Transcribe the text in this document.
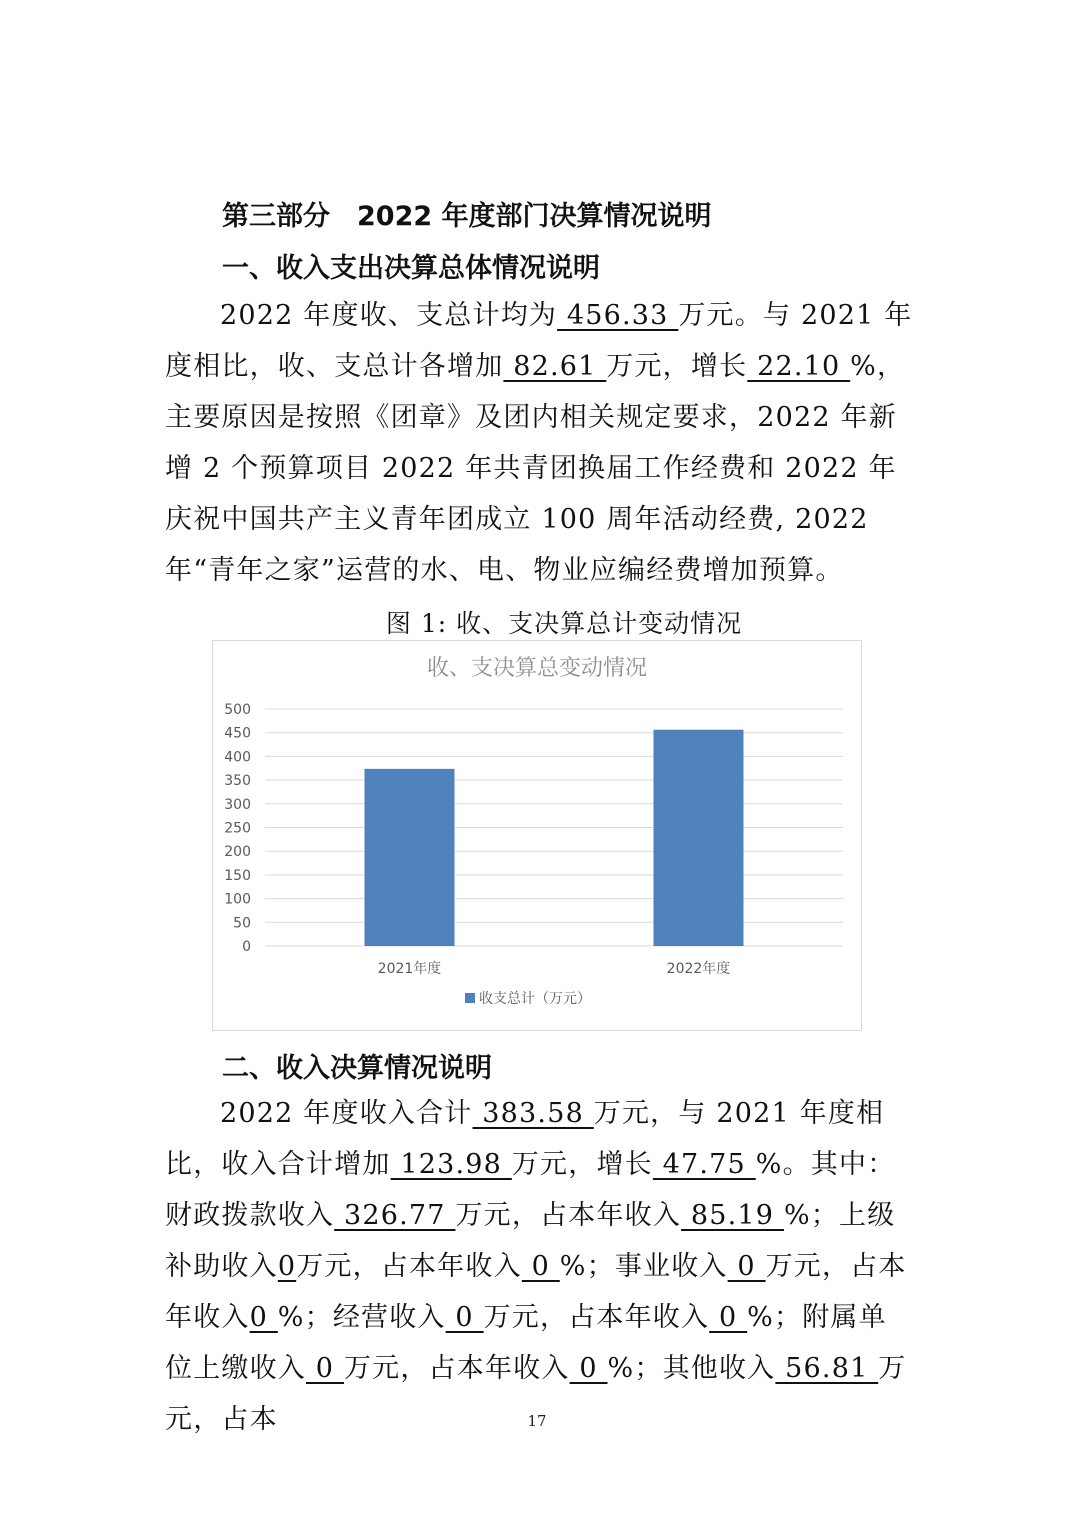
第三部分　2022 年度部门决算情况说明
一、收入支出决算总体情况说明

2022 年度收、支总计均为 456.33 万元。与 2021 年度相比，收、支总计各增加 82.61 万元，增长 22.10 %，主要原因是按照《团章》及团内相关规定要求，2022 年新增 2 个预算项目 2022 年共青团换届工作经费和 2022 年庆祝中国共产主义青年团成立 100 周年活动经费, 2022 年“青年之家”运营的水、电、物业应编经费增加预算。

图 1: 收、支决算总计变动情况
收、支决算总变动情况
0
50
100
150
200
250
300
350
400
450
500
2021年度	2022年度
收支总计（万元）
二、收入决算情况说明

2022 年度收入合计 383.58 万元，与 2021 年度相比，收入合计增加 123.98 万元，增长 47.75 %。其中：财政拨款收入 326.77 万元，占本年收入 85.19 %；上级补助收入0万元，占本年收入 0 %；事业收入 0 万元，占本年收入0 %；经营收入 0 万元，占本年收入 0 %；附属单位上缴收入 0 万元，占本年收入 0 %；其他收入 56.81 万元，占本	17
